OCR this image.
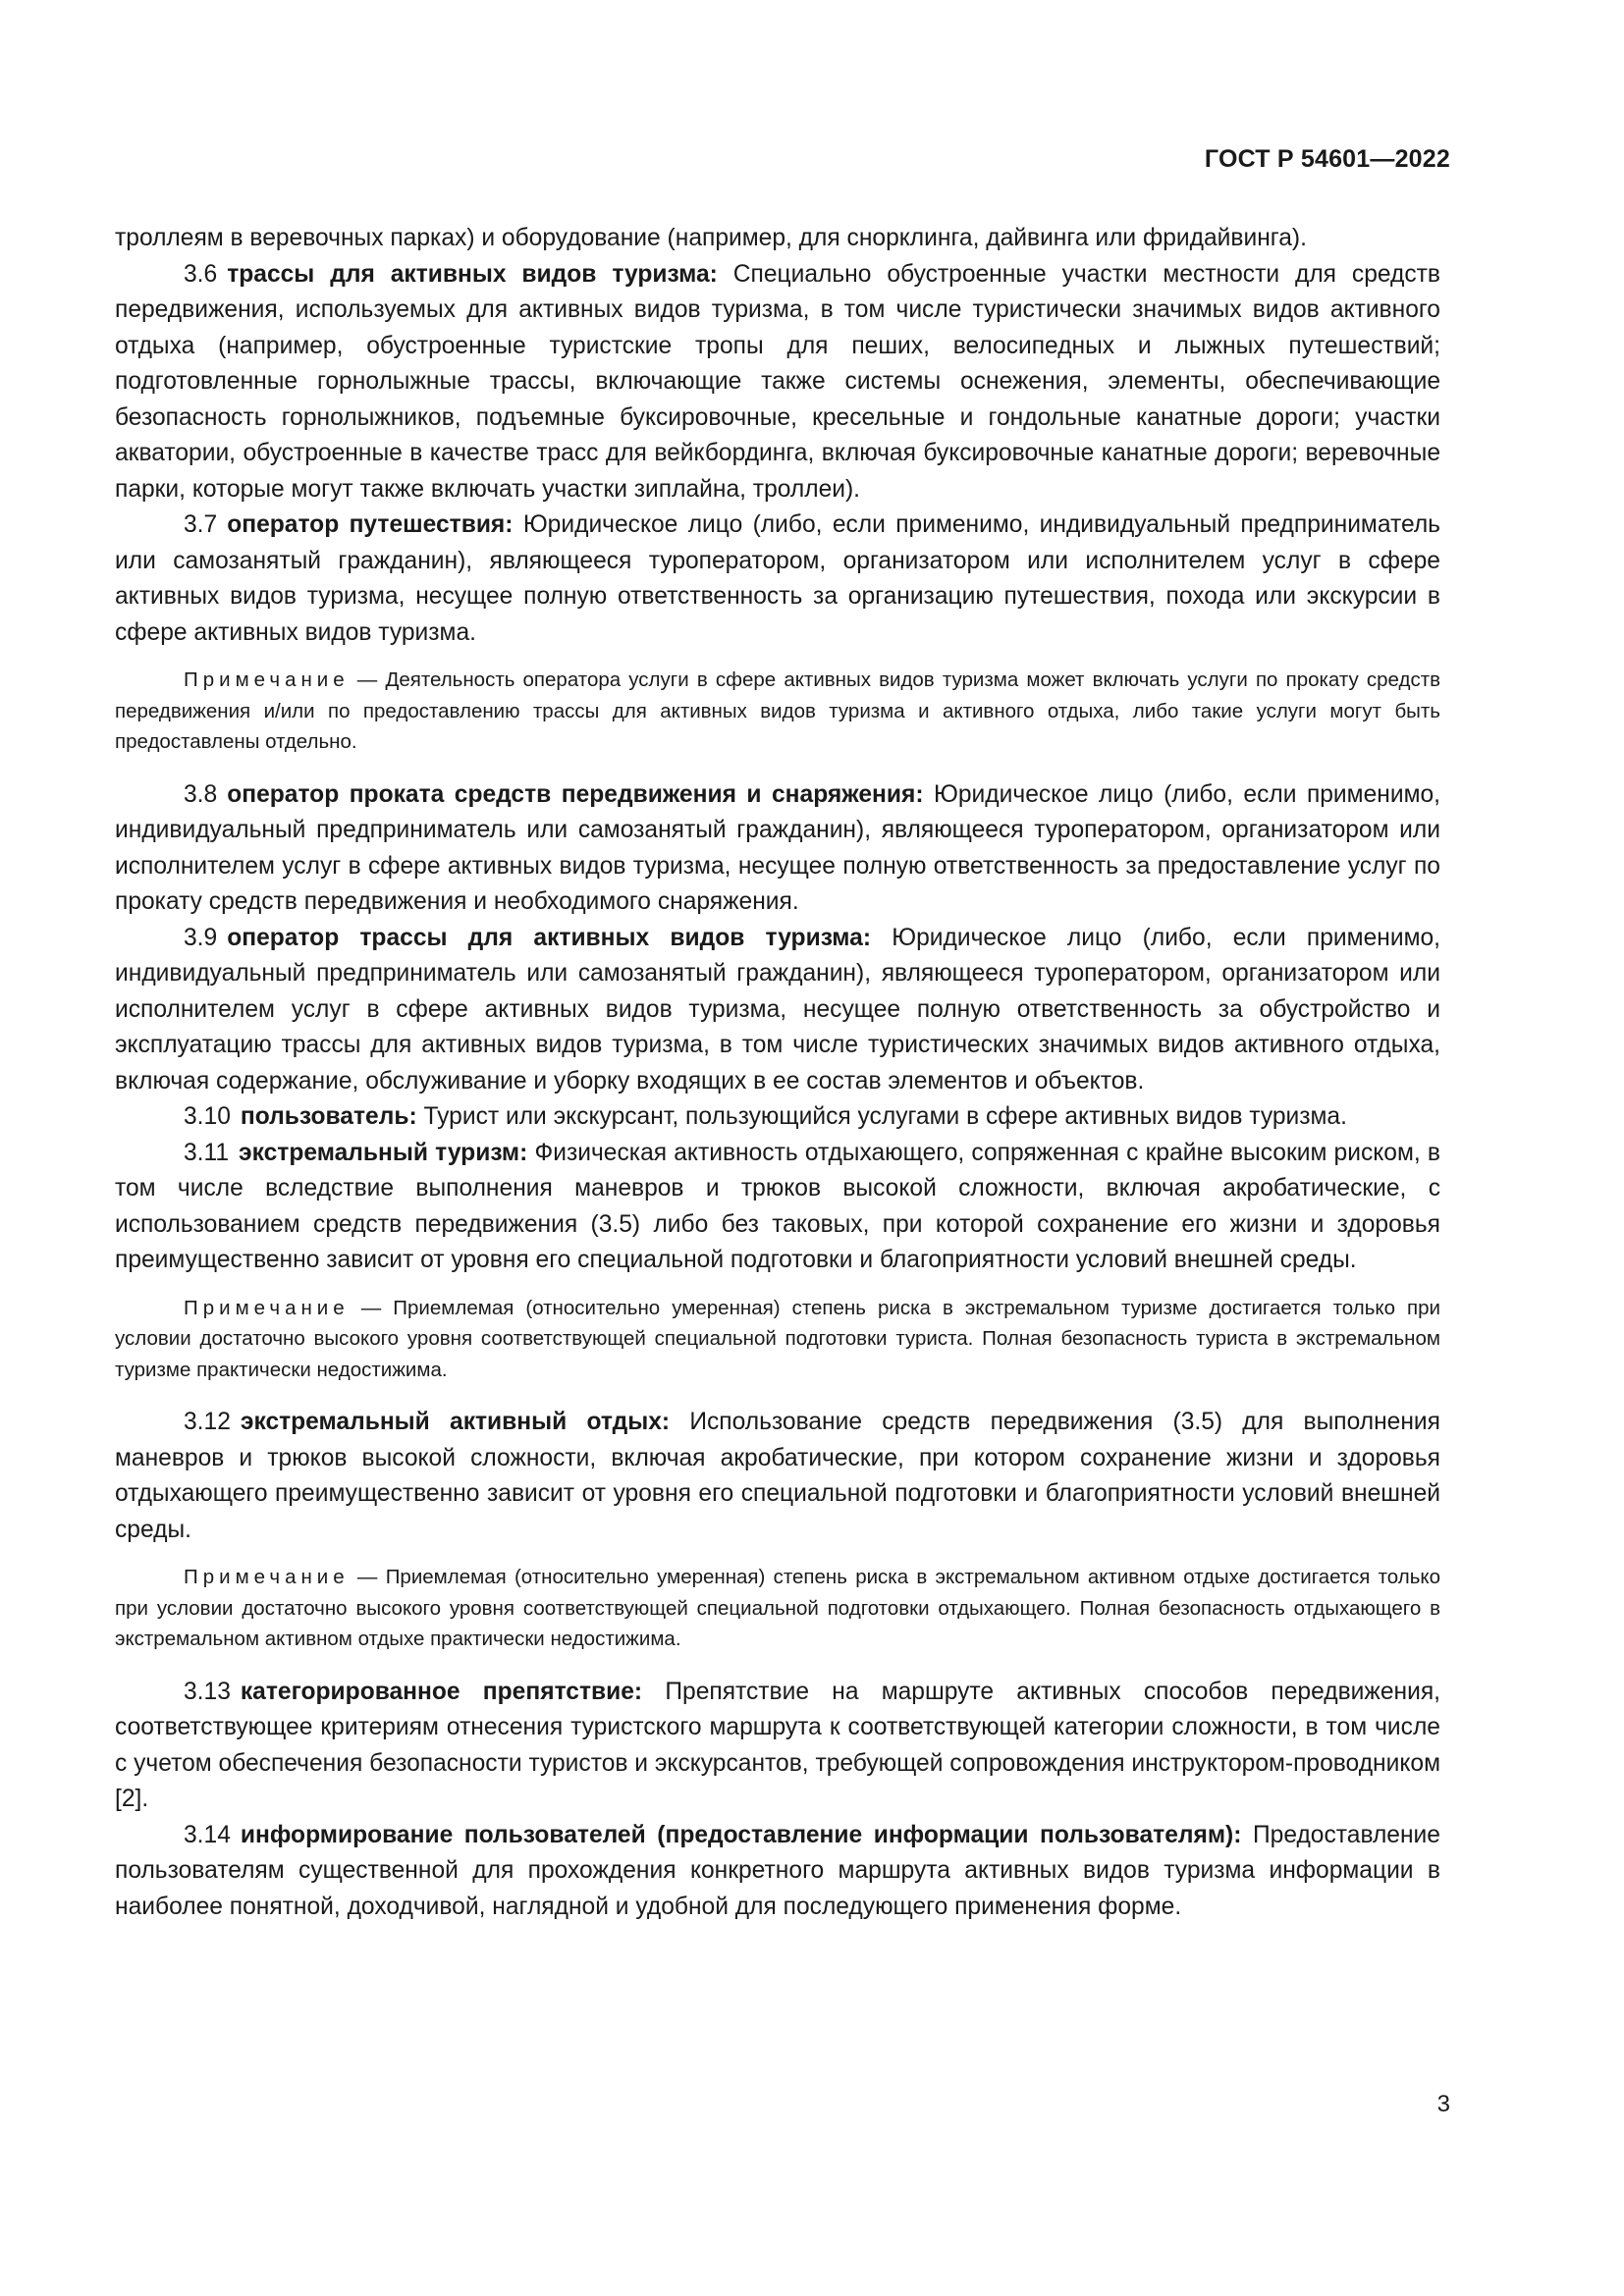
ГОСТ Р 54601—2022

троллеям в веревочных парках) и оборудование (например, для снорклинга, дайвинга или фридайвинга).

3.6 трассы для активных видов туризма: Специально обустроенные участки местности для средств передвижения, используемых для активных видов туризма, в том числе туристически значимых видов активного отдыха (например, обустроенные туристские тропы для пеших, велосипедных и лыжных путешествий; подготовленные горнолыжные трассы, включающие также системы оснежения, элементы, обеспечивающие безопасность горнолыжников, подъемные буксировочные, кресельные и гондольные канатные дороги; участки акватории, обустроенные в качестве трасс для вейкбординга, включая буксировочные канатные дороги; веревочные парки, которые могут также включать участки зиплайна, троллеи).

3.7 оператор путешествия: Юридическое лицо (либо, если применимо, индивидуальный предприниматель или самозанятый гражданин), являющееся туроператором, организатором или исполнителем услуг в сфере активных видов туризма, несущее полную ответственность за организацию путешествия, похода или экскурсии в сфере активных видов туризма.

Примечание — Деятельность оператора услуги в сфере активных видов туризма может включать услуги по прокату средств передвижения и/или по предоставлению трассы для активных видов туризма и активного отдыха, либо такие услуги могут быть предоставлены отдельно.

3.8 оператор проката средств передвижения и снаряжения: Юридическое лицо (либо, если применимо, индивидуальный предприниматель или самозанятый гражданин), являющееся туроператором, организатором или исполнителем услуг в сфере активных видов туризма, несущее полную ответственность за предоставление услуг по прокату средств передвижения и необходимого снаряжения.

3.9 оператор трассы для активных видов туризма: Юридическое лицо (либо, если применимо, индивидуальный предприниматель или самозанятый гражданин), являющееся туроператором, организатором или исполнителем услуг в сфере активных видов туризма, несущее полную ответственность за обустройство и эксплуатацию трассы для активных видов туризма, в том числе туристических значимых видов активного отдыха, включая содержание, обслуживание и уборку входящих в ее состав элементов и объектов.

3.10 пользователь: Турист или экскурсант, пользующийся услугами в сфере активных видов туризма.

3.11 экстремальный туризм: Физическая активность отдыхающего, сопряженная с крайне высоким риском, в том числе вследствие выполнения маневров и трюков высокой сложности, включая акробатические, с использованием средств передвижения (3.5) либо без таковых, при которой сохранение его жизни и здоровья преимущественно зависит от уровня его специальной подготовки и благоприятности условий внешней среды.

Примечание — Приемлемая (относительно умеренная) степень риска в экстремальном туризме достигается только при условии достаточно высокого уровня соответствующей специальной подготовки туриста. Полная безопасность туриста в экстремальном туризме практически недостижима.

3.12 экстремальный активный отдых: Использование средств передвижения (3.5) для выполнения маневров и трюков высокой сложности, включая акробатические, при котором сохранение жизни и здоровья отдыхающего преимущественно зависит от уровня его специальной подготовки и благоприятности условий внешней среды.

Примечание — Приемлемая (относительно умеренная) степень риска в экстремальном активном отдыхе достигается только при условии достаточно высокого уровня соответствующей специальной подготовки отдыхающего. Полная безопасность отдыхающего в экстремальном активном отдыхе практически недостижима.

3.13 категорированное препятствие: Препятствие на маршруте активных способов передвижения, соответствующее критериям отнесения туристского маршрута к соответствующей категории сложности, в том числе с учетом обеспечения безопасности туристов и экскурсантов, требующей сопровождения инструктором-проводником [2].

3.14 информирование пользователей (предоставление информации пользователям): Предоставление пользователям существенной для прохождения конкретного маршрута активных видов туризма информации в наиболее понятной, доходчивой, наглядной и удобной для последующего применения форме.

3
